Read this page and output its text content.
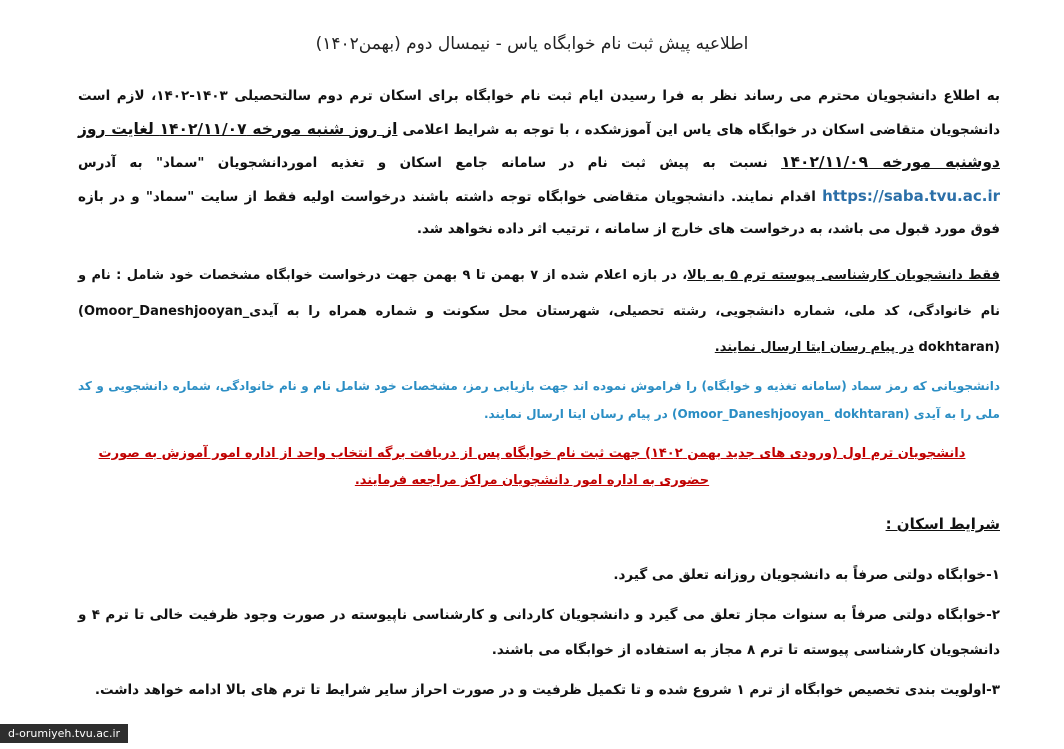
اطلاعیه پیش ثبت نام خوابگاه یاس - نیمسال دوم (بهمن۱۴۰۲)
به اطلاع دانشجویان محترم می رساند نظر به فرا رسیدن ایام ثبت نام خوابگاه برای اسکان ترم دوم سالتحصیلی ۱۴۰۳-۱۴۰۲، لازم است دانشجویان متقاضی اسکان در خوابگاه های یاس این آموزشکده ، با توجه به شرایط اعلامی از روز شنبه مورخه ۱۴۰۲/۱۱/۰۷ لغایت روز دوشنبه مورخه ۱۴۰۲/۱۱/۰۹ نسبت به پیش ثبت نام در سامانه جامع اسکان و تغذیه اموردانشجویان "سماد" به آدرس https://saba.tvu.ac.ir اقدام نمایند. دانشجویان متقاضی خوابگاه توجه داشته باشند درخواست اولیه فقط از سایت "سماد" و در بازه فوق مورد قبول می باشد، به درخواست های خارج از سامانه ، ترتیب اثر داده نخواهد شد.
فقط دانشجویان کارشناسی پیوسته ترم ۵ به بالا، در بازه اعلام شده از ۷ بهمن تا ۹ بهمن جهت درخواست خوابگاه مشخصات خود شامل : نام و نام خانوادگی، کد ملی، شماره دانشجویی، رشته تحصیلی، شهرستان محل سکونت و شماره همراه را به آیدی(Omoor_Daneshjooyan_ dokhtaran) در پیام رسان ایتا ارسال نمایند.
دانشجویانی که رمز سماد (سامانه تغذیه و خوابگاه) را فراموش نموده اند جهت بازیابی رمز، مشخصات خود شامل نام و نام خانوادگی، شماره دانشجویی و کد ملی را به آیدی (Omoor_Daneshjooyan_ dokhtaran) در پیام رسان ایتا ارسال نمایند.
دانشجویان ترم اول (ورودی های جدید بهمن ۱۴۰۲) جهت ثبت نام خوابگاه پس از دریافت برگه انتخاب واحد از اداره امور آموزش به صورت حضوری به اداره امور دانشجویان مراکز مراجعه فرمایند.
شرایط اسکان :
۱-خوابگاه دولتی صرفاً به دانشجویان روزانه تعلق می گیرد.
۲-خوابگاه دولتی صرفاً به سنوات مجاز تعلق می گیرد و دانشجویان کاردانی و کارشناسی ناپیوسته در صورت وجود ظرفیت خالی تا ترم ۴ و دانشجویان کارشناسی پیوسته تا ترم ۸ مجاز به استفاده از خوابگاه می باشند.
۳-اولویت بندی تخصیص خوابگاه از ترم ۱ شروع شده و تا تکمیل ظرفیت و در صورت احراز سایر شرایط تا ترم های بالا ادامه خواهد داشت.
d-orumiyeh.tvu.ac.ir
